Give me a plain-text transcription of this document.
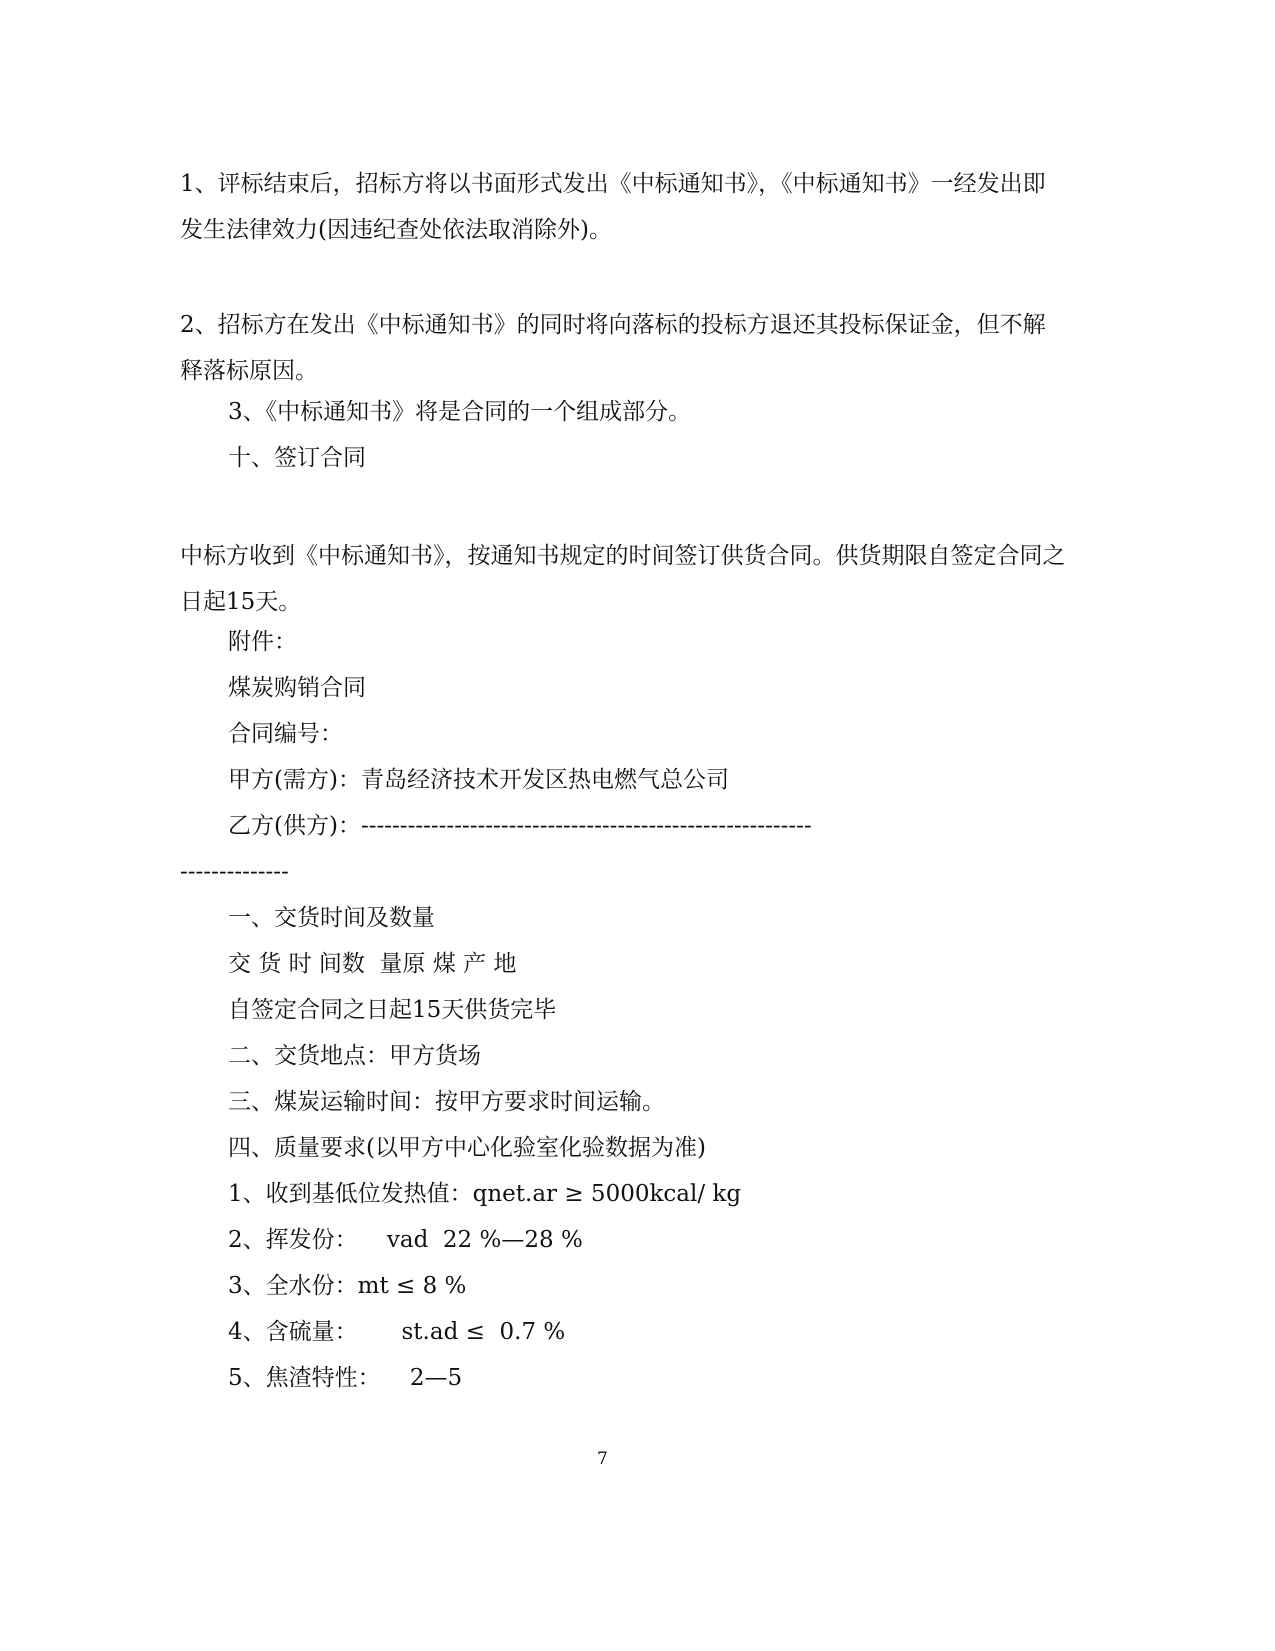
1、评标结束后，招标方将以书面形式发出《中标通知书》，《中标通知书》一经发出即发生法律效力(因违纪查处依法取消除外)。
2、招标方在发出《中标通知书》的同时将向落标的投标方退还其投标保证金，但不解释落标原因。
3、《中标通知书》将是合同的一个组成部分。
十、签订合同
中标方收到《中标通知书》，按通知书规定的时间签订供货合同。供货期限自签定合同之日起15天。
附件：
煤炭购销合同
合同编号：
甲方(需方)：青岛经济技术开发区热电燃气总公司
乙方(供方)：----------------------------------------------------------
--------------
一、交货时间及数量
交 货 时 间数  量原 煤 产 地
自签定合同之日起15天供货完毕
二、交货地点：甲方货场
三、煤炭运输时间：按甲方要求时间运输。
四、质量要求(以甲方中心化验室化验数据为准)
1、收到基低位发热值：qnet.ar ≥ 5000kcal/ kg
2、挥发份：    vad  22 %—28 %
3、全水份：mt ≤ 8 %
4、含硫量：      st.ad ≤  0.7 %
5、焦渣特性：    2—5
7
